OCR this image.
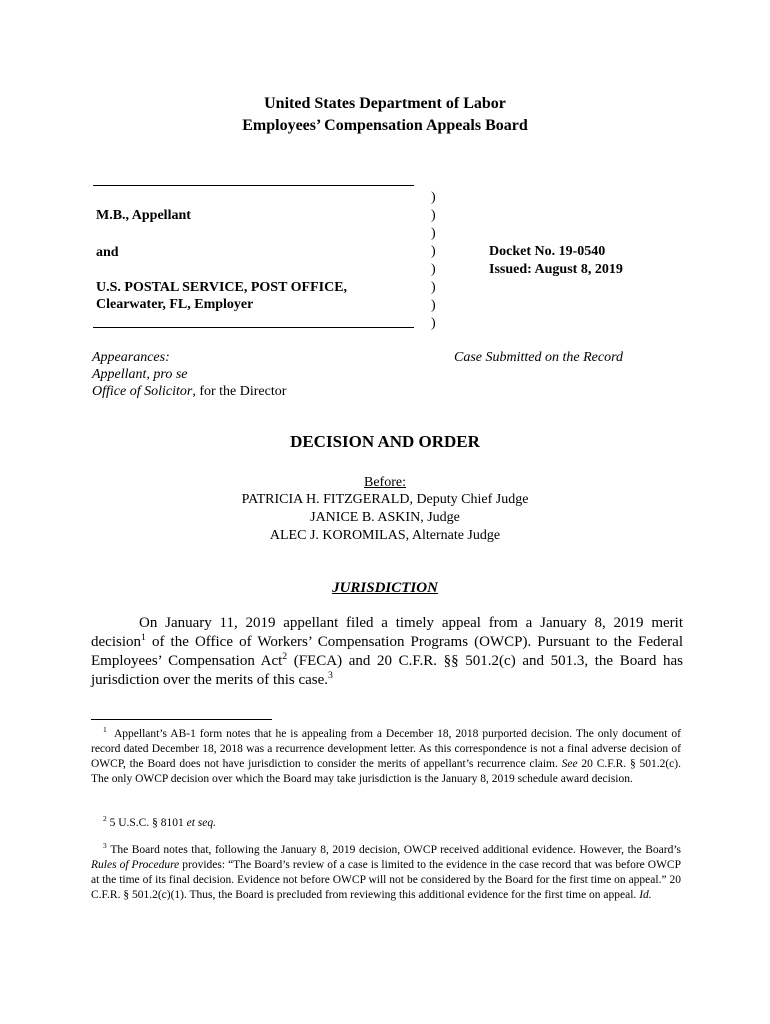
United States Department of Labor
Employees’ Compensation Appeals Board
M.B., Appellant
and
U.S. POSTAL SERVICE, POST OFFICE,
Clearwater, FL, Employer
)
)
)
)
)
)
)
)
Docket No. 19-0540
Issued: August 8, 2019
Appearances:
Appellant, pro se
Office of Solicitor, for the Director
Case Submitted on the Record
DECISION AND ORDER
Before:
PATRICIA H. FITZGERALD, Deputy Chief Judge
JANICE B. ASKIN, Judge
ALEC J. KOROMILAS, Alternate Judge
JURISDICTION
On January 11, 2019 appellant filed a timely appeal from a January 8, 2019 merit decision$^1$ of the Office of Workers’ Compensation Programs (OWCP). Pursuant to the Federal Employees’ Compensation Act$^2$ (FECA) and 20 C.F.R. §§ 501.2(c) and 501.3, the Board has jurisdiction over the merits of this case.$^3$
$^1$ Appellant’s AB-1 form notes that he is appealing from a December 18, 2018 purported decision. The only document of record dated December 18, 2018 was a recurrence development letter. As this correspondence is not a final adverse decision of OWCP, the Board does not have jurisdiction to consider the merits of appellant’s recurrence claim. See 20 C.F.R. § 501.2(c). The only OWCP decision over which the Board may take jurisdiction is the January 8, 2019 schedule award decision.
$^2$ 5 U.S.C. § 8101 et seq.
$^3$ The Board notes that, following the January 8, 2019 decision, OWCP received additional evidence. However, the Board’s Rules of Procedure provides: “The Board’s review of a case is limited to the evidence in the case record that was before OWCP at the time of its final decision. Evidence not before OWCP will not be considered by the Board for the first time on appeal.” 20 C.F.R. § 501.2(c)(1). Thus, the Board is precluded from reviewing this additional evidence for the first time on appeal. Id.
